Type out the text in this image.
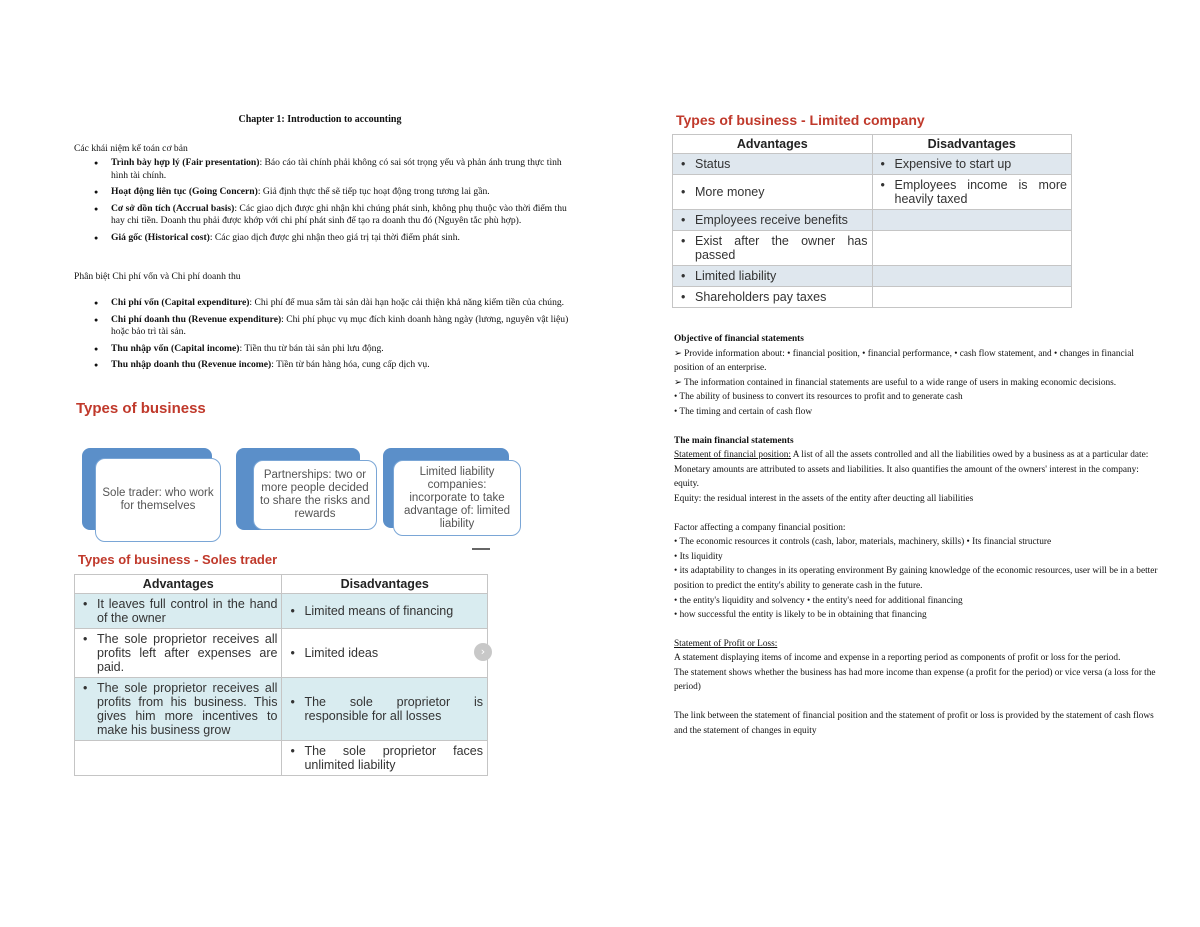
Chapter 1: Introduction to accounting
Các khái niệm kế toán cơ bản
● Trình bày hợp lý (Fair presentation): Báo cáo tài chính phải không có sai sót trọng yếu và phản ánh trung thực tình hình tài chính.
● Hoạt động liên tục (Going Concern): Giả định thực thể sẽ tiếp tục hoạt động trong tương lai gần.
● Cơ sở dồn tích (Accrual basis): Các giao dịch được ghi nhận khi chúng phát sinh, không phụ thuộc vào thời điểm thu hay chi tiền. Doanh thu phải được khớp với chi phí phát sinh để tạo ra doanh thu đó (Nguyên tắc phù hợp).
● Giá gốc (Historical cost): Các giao dịch được ghi nhận theo giá trị tại thời điểm phát sinh.
Phân biệt Chi phí vốn và Chi phí doanh thu
● Chi phí vốn (Capital expenditure): Chi phí để mua sắm tài sản dài hạn hoặc cải thiện khả năng kiếm tiền của chúng.
● Chi phí doanh thu (Revenue expenditure): Chi phí phục vụ mục đích kinh doanh hàng ngày (lương, nguyên vật liệu) hoặc bảo trì tài sản.
● Thu nhập vốn (Capital income): Tiền thu từ bán tài sản phi lưu động.
● Thu nhập doanh thu (Revenue income): Tiền từ bán hàng hóa, cung cấp dịch vụ.
Types of business
Sole trader: who work for themselves
Partnerships: two or more people decided to share the risks and rewards
Limited liability companies: incorporate to take advantage of: limited liability
Types of business - Soles trader
Advantages	Disadvantages

• It leaves full control in the hand of the owner	• Limited means of financing

• The sole proprietor receives all profits left after expenses are paid.	• Limited ideas

• The sole proprietor receives all profits from his business. This gives him more incentives to make his business grow	• The sole proprietor is responsible for all losses

	• The sole proprietor faces unlimited liability
›
Types of business - Limited company
Advantages	Disadvantages

• Status	• Expensive to start up

• More money	• Employees income is more heavily taxed

• Employees receive benefits

• Exist after the owner has passed

• Limited liability

• Shareholders pay taxes

Objective of financial statements
➢ Provide information about: • financial position, • financial performance, • cash flow statement, and • changes in financial position of an enterprise.
➢ The information contained in financial statements are useful to a wide range of users in making economic decisions.
• The ability of business to convert its resources to profit and to generate cash
• The timing and certain of cash flow
The main financial statements
Statement of financial position: A list of all the assets controlled and all the liabilities owed by a business as at a particular date: Monetary amounts are attributed to assets and liabilities. It also quantifies the amount of the owners' interest in the company: equity.
Equity: the residual interest in the assets of the entity after deucting all liabilities
Factor affecting a company financial position:
• The economic resources it controls (cash, labor, materials, machinery, skills) • Its financial structure
• Its liquidity
• its adaptability to changes in its operating environment By gaining knowledge of the economic resources, user will be in a better position to predict the entity's ability to generate cash in the future.
• the entity's liquidity and solvency • the entity's need for additional financing
• how successful the entity is likely to be in obtaining that financing
Statement of Profit or Loss:
A statement displaying items of income and expense in a reporting period as components of profit or loss for the period.
The statement shows whether the business has had more income than expense (a profit for the period) or vice versa (a loss for the period)
The link between the statement of financial position and the statement of profit or loss is provided by the statement of cash flows and the statement of changes in equity
